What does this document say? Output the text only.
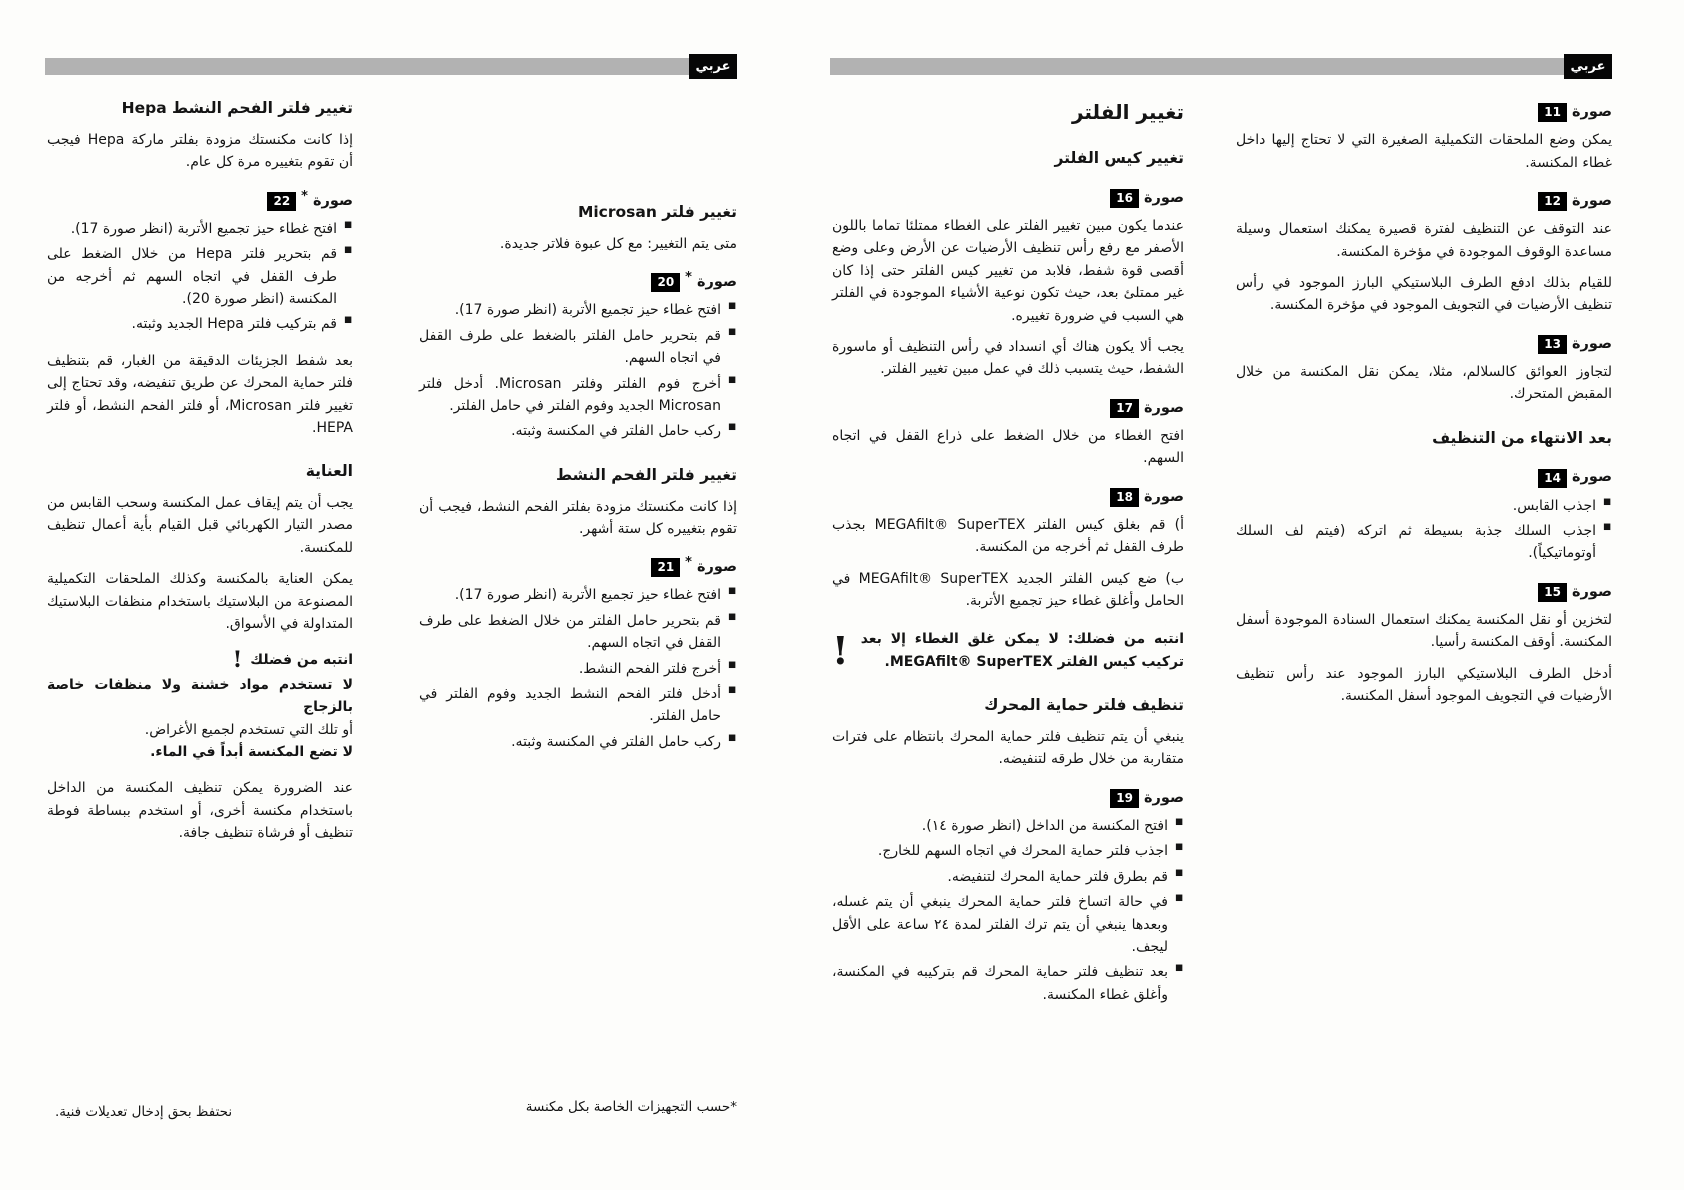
عربي	عربي
صورة
11

يمكن وضع الملحقات التكميلية الصغيرة التي لا تحتاج إليها داخل غطاء المكنسة.

صورة
12

عند التوقف عن التنظيف لفترة قصيرة يمكنك استعمال وسيلة مساعدة الوقوف الموجودة في مؤخرة المكنسة.

للقيام بذلك ادفع الطرف البلاستيكي البارز الموجود في رأس تنظيف الأرضيات في التجويف الموجود في مؤخرة المكنسة.

صورة
13

لتجاوز العوائق كالسلالم، مثلا، يمكن نقل المكنسة من خلال المقبض المتحرك.

بعد الانتهاء من التنظيف
صورة
14
■ اجذب القابس.
■ اجذب السلك جذبة بسيطة ثم اتركه (فيتم لف السلك أوتوماتيكياً).
صورة
15

لتخزين أو نقل المكنسة يمكنك استعمال السنادة الموجودة أسفل المكنسة. أوقف المكنسة رأسيا.

أدخل الطرف البلاستيكي البارز الموجود عند رأس تنظيف الأرضيات في التجويف الموجود أسفل المكنسة.

تغيير الفلتر
تغيير كيس الفلتر
صورة
16

عندما يكون مبين تغيير الفلتر على الغطاء ممتلئا تماما باللون الأصفر مع رفع رأس تنظيف الأرضيات عن الأرض وعلى وضع أقصى قوة شفط، فلابد من تغيير كيس الفلتر حتى إذا كان غير ممتلئ بعد، حيث تكون نوعية الأشياء الموجودة في الفلتر هي السبب في ضرورة تغييره.

يجب ألا يكون هناك أي انسداد في رأس التنظيف أو ماسورة الشفط، حيث يتسبب ذلك في عمل مبين تغيير الفلتر.

صورة
17

افتح الغطاء من خلال الضغط على ذراع القفل في اتجاه السهم.

صورة
18

أ) قم بغلق كيس الفلتر MEGAfilt® SuperTEX بجذب طرف القفل ثم أخرجه من المكنسة.

ب) ضع كيس الفلتر الجديد MEGAfilt® SuperTEX في الحامل وأغلق غطاء حيز تجميع الأتربة.

انتبه من فضلك: لا يمكن غلق الغطاء إلا بعد تركيب كيس الفلتر MEGAfilt® SuperTEX.
!
تنظيف فلتر حماية المحرك

ينبغي أن يتم تنظيف فلتر حماية المحرك بانتظام على فترات متقاربة من خلال طرقه لتنفيضه.

صورة
19
■ افتح المكنسة من الداخل (انظر صورة ١٤).
■ اجذب فلتر حماية المحرك في اتجاه السهم للخارج.
■ قم بطرق فلتر حماية المحرك لتنفيضه.
■ في حالة اتساخ فلتر حماية المحرك ينبغي أن يتم غسله، وبعدها ينبغي أن يتم ترك الفلتر لمدة ٢٤ ساعة على الأقل ليجف.
■ بعد تنظيف فلتر حماية المحرك قم بتركيبه في المكنسة، وأغلق غطاء المكنسة.
تغيير فلتر Microsan

متى يتم التغيير: مع كل عبوة فلاتر جديدة.

صورة
*
20
■ افتح غطاء حيز تجميع الأتربة (انظر صورة 17).
■ قم بتحرير حامل الفلتر بالضغط على طرف القفل في اتجاه السهم.
■ أخرج فوم الفلتر وفلتر Microsan. أدخل فلتر Microsan الجديد وفوم الفلتر في حامل الفلتر.
■ ركب حامل الفلتر في المكنسة وثبته.
تغيير فلتر الفحم النشط

إذا كانت مكنستك مزودة بفلتر الفحم النشط، فيجب أن تقوم بتغييره كل ستة أشهر.

صورة
*
21
■ افتح غطاء حيز تجميع الأتربة (انظر صورة 17).
■ قم بتحرير حامل الفلتر من خلال الضغط على طرف القفل في اتجاه السهم.
■ أخرج فلتر الفحم النشط.
■ أدخل فلتر الفحم النشط الجديد وفوم الفلتر في حامل الفلتر.
■ ركب حامل الفلتر في المكنسة وثبته.
تغيير فلتر الفحم النشط Hepa

إذا كانت مكنستك مزودة بفلتر ماركة Hepa فيجب أن تقوم بتغييره مرة كل عام.

صورة
*
22
■ افتح غطاء حيز تجميع الأتربة (انظر صورة 17).
■ قم بتحرير فلتر Hepa من خلال الضغط على طرف القفل في اتجاه السهم ثم أخرجه من المكنسة (انظر صورة 20).
■ قم بتركيب فلتر Hepa الجديد وثبته.

بعد شفط الجزيئات الدقيقة من الغبار، قم بتنظيف فلتر حماية المحرك عن طريق تنفيضه، وقد تحتاج إلى تغيير فلتر Microsan، أو فلتر الفحم النشط، أو فلتر HEPA.

العناية

يجب أن يتم إيقاف عمل المكنسة وسحب القابس من مصدر التيار الكهربائي قبل القيام بأية أعمال تنظيف للمكنسة.

يمكن العناية بالمكنسة وكذلك الملحقات التكميلية المصنوعة من البلاستيك باستخدام منظفات البلاستيك المتداولة في الأسواق.

انتبه من فضلك
!

لا تستخدم مواد خشنة ولا منظفات خاصة بالزجاج

أو تلك التي تستخدم لجميع الأغراض.

لا تضع المكنسة أبداً في الماء.

عند الضرورة يمكن تنظيف المكنسة من الداخل باستخدام مكنسة أخرى، أو استخدم ببساطة فوطة تنظيف أو فرشاة تنظيف جافة.

نحتفظ بحق إدخال تعديلات فنية.	*حسب التجهيزات الخاصة بكل مكنسة
